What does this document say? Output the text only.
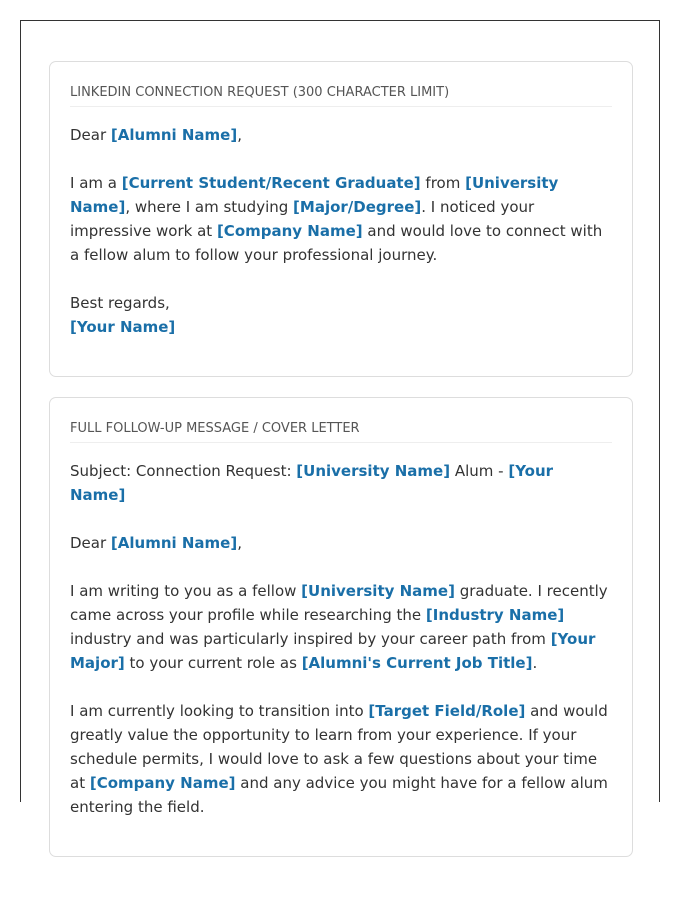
LINKEDIN CONNECTION REQUEST (300 CHARACTER LIMIT)

Dear [Alumni Name],

I am a [Current Student/Recent Graduate] from [University Name], where I am studying [Major/Degree]. I noticed your impressive work at [Company Name] and would love to connect with a fellow alum to follow your professional journey.

Best regards,
[Your Name]

FULL FOLLOW-UP MESSAGE / COVER LETTER

Subject: Connection Request: [University Name] Alum - [Your Name]

Dear [Alumni Name],

I am writing to you as a fellow [University Name] graduate. I recently came across your profile while researching the [Industry Name] industry and was particularly inspired by your career path from [Your Major] to your current role as [Alumni's Current Job Title].

I am currently looking to transition into [Target Field/Role] and would greatly value the opportunity to learn from your experience. If your schedule permits, I would love to ask a few questions about your time at [Company Name] and any advice you might have for a fellow alum entering the field.
